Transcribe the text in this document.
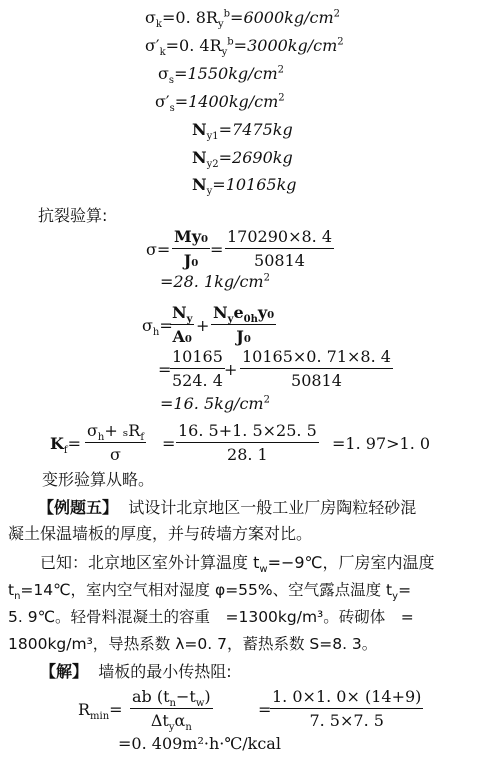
$\sigma_k=0$. $8R_y^b=6000kg/cm^2$
$\sigma'_k=0$. $4R_y^b=3000kg/cm^2$
$\sigma_s=1550kg/cm^2$
$\sigma'_s=1400kg/cm^2$
$N_{y1}=7475kg$
$N_{y2}=2690kg$
$N_y=10165kg$
抗裂验算:
$\sigma= \frac{\text{My₀}}{\text{J₀}} = \frac{170290\times 8. 4}{50814}$
=28. $1kg/cm^2$
$\sigma_h=$
$\frac{N_y}{\text{A₀}}$ +
$N_ye_{0h}y_0$
J₀
=
$\frac{10165}{524. 4} + \frac{10165\times 0. 71\times 8. 4}{50814}$
=16. $5kg/cm^2$
$K_f=$
$\sigma_h+ _sR_f$
σ
= $\frac{16. 5+1. 5\times 25. 5}{28. 1} =1$. 97>1. 0
变形验算从略。
【例题五】 试设计北京地区一般工业厂房陶粒轻砂混
凝土保温墙板的厚度，并与砖墙方案对比。
已知：北京地区室外计算温度 $t_w=-9℃$，厂房室内温度
$t_n=14℃$，室内空气相对湿度 φ=55%、空气露点温度 $t_y=$
5. 9℃。轻骨料混凝土的容重　=1300kg/m³。砖砌体　=
1800kg/m³，导热系数 λ=0. 7，蓄热系数 S=8. 3。
【解】 墙板的最小传热阻:
$R_{min}=$
ab $(t_n-t_w)$
$\Delta t_y\alpha_n$
=
$\frac{1. 0\times 1. 0\times (14+9)}{7. 5\times 7. 5}$
=0. 409m²·h·℃/kcal
